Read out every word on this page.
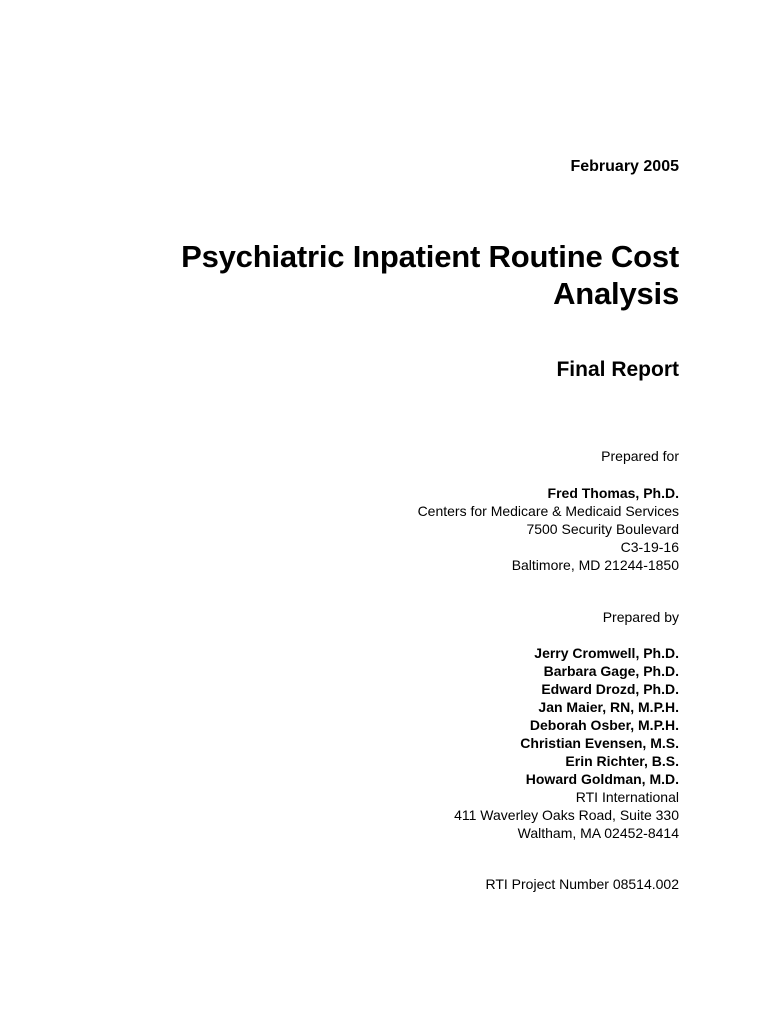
February 2005

Psychiatric Inpatient Routine Cost
Analysis
Final Report

Prepared for

Fred Thomas, Ph.D.
Centers for Medicare & Medicaid Services
7500 Security Boulevard
C3-19-16
Baltimore, MD 21244-1850

Prepared by

Jerry Cromwell, Ph.D.
Barbara Gage, Ph.D.
Edward Drozd, Ph.D.
Jan Maier, RN, M.P.H.
Deborah Osber, M.P.H.
Christian Evensen, M.S.
Erin Richter, B.S.
Howard Goldman, M.D.
RTI International
411 Waverley Oaks Road, Suite 330
Waltham, MA 02452-8414

RTI Project Number 08514.002
